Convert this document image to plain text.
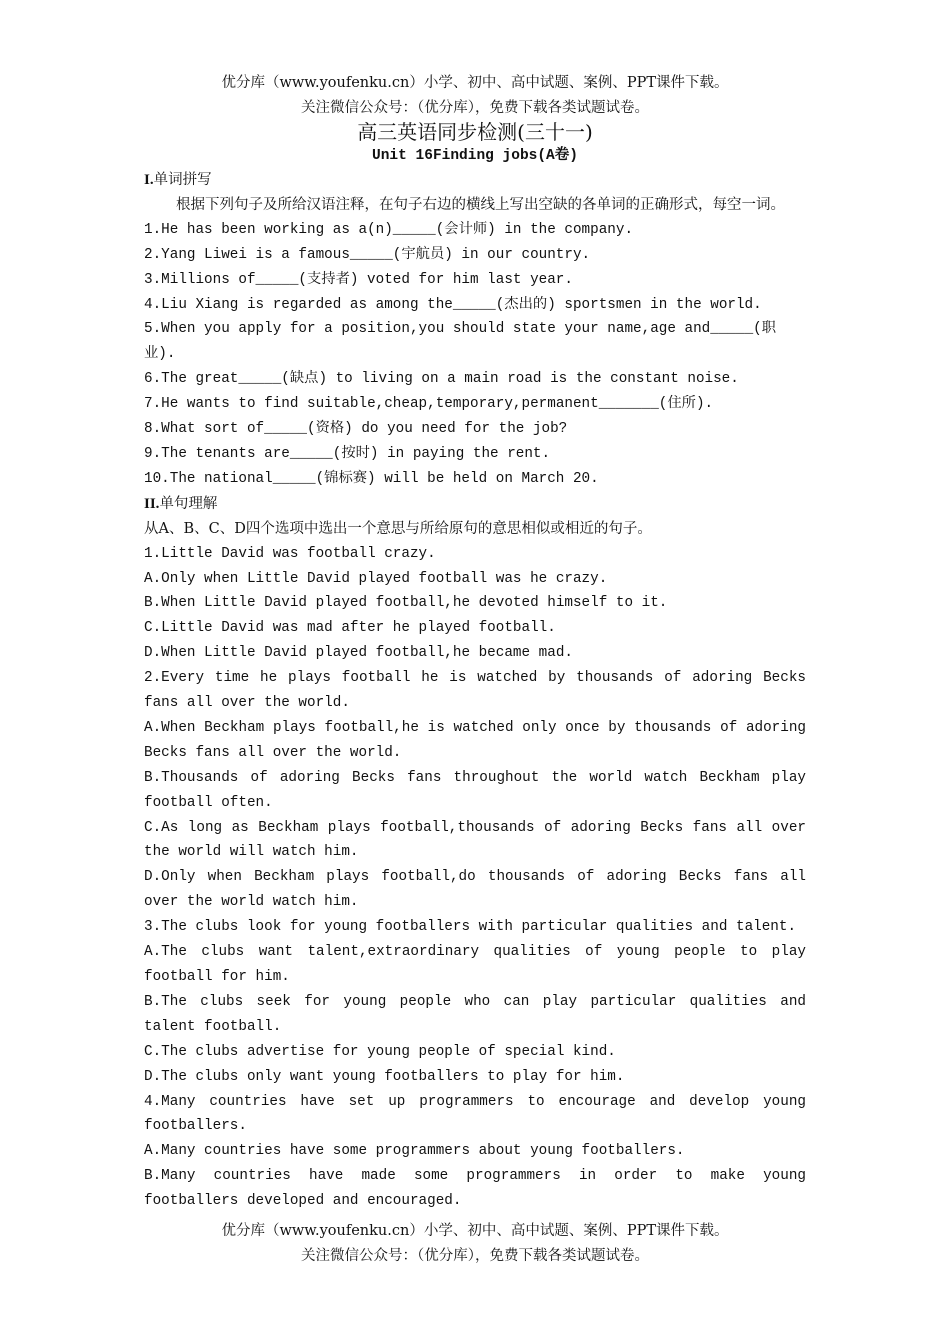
优分库（www.youfenku.cn）小学、初中、高中试题、案例、PPT课件下载。
关注微信公众号：（优分库），免费下载各类试题试卷。
高三英语同步检测(三十一)
Unit 16Finding jobs(A卷)

I.单词拼写

根据下列句子及所给汉语注释，在句子右边的横线上写出空缺的各单词的正确形式，每空一词。

1.He has been working as a(n)_____(会计师) in the company.

2.Yang Liwei is a famous_____(宇航员) in our country.

3.Millions of_____(支持者) voted for him last year.

4.Liu Xiang is regarded as among the_____(杰出的) sportsmen in the world.

5.When you apply for a position,you should state your name,age and_____(职业).

6.The great_____(缺点) to living on a main road is the constant noise.

7.He wants to find suitable,cheap,temporary,permanent_______(住所).

8.What sort of_____(资格) do you need for the job?

9.The tenants are_____(按时) in paying the rent.

10.The national_____(锦标赛) will be held on March 20.

II.单句理解

从A、B、C、D四个选项中选出一个意思与所给原句的意思相似或相近的句子。

1.Little David was football crazy.

A.Only when Little David played football was he crazy.

B.When Little David played football,he devoted himself to it.

C.Little David was mad after he played football.

D.When Little David played football,he became mad.

2.Every time he plays football he is watched by thousands of adoring Becks fans all over the world.

A.When Beckham plays football,he is watched only once by thousands of adoring Becks fans all over the world.

B.Thousands of adoring Becks fans throughout the world watch Beckham play football often.

C.As long as Beckham plays football,thousands of adoring Becks fans all over the world will watch him.

D.Only when Beckham plays football,do thousands of adoring Becks fans all over the world watch him.

3.The clubs look for young footballers with particular qualities and talent.

A.The clubs want talent,extraordinary qualities of young people to play football for him.

B.The clubs seek for young people who can play particular qualities and talent football.

C.The clubs advertise for young people of special kind.

D.The clubs only want young footballers to play for him.

4.Many countries have set up programmers to encourage and develop young footballers.

A.Many countries have some programmers about young footballers.

B.Many countries have made some programmers in order to make young footballers developed and encouraged.

优分库（www.youfenku.cn）小学、初中、高中试题、案例、PPT课件下载。
关注微信公众号：（优分库），免费下载各类试题试卷。
